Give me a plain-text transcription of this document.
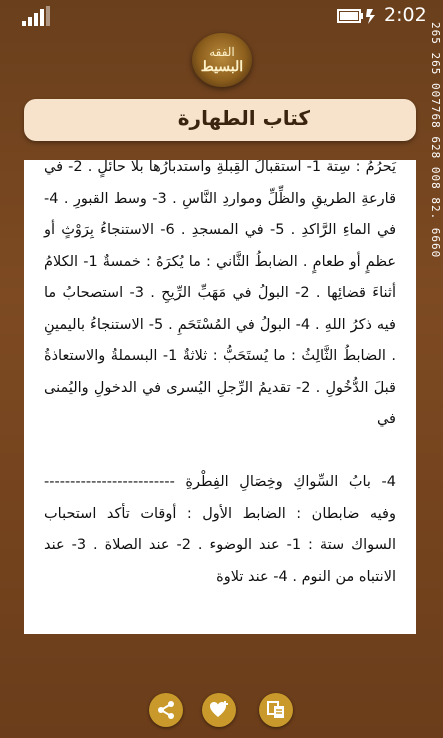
2:02
الفقه
البسيط
كتاب الطهارة	265 265 007768 628 008 82. 6660

يَحرُمُ : سِتة 1- استقبالُ القِبلةِ واستدبارُها بلا حائلٍ . 2- في قارعةِ الطريقِ والظِّلِّ ومواردِ النَّاسِ . 3- وسط القبورِ . 4- في الماءِ الرَّاكدِ . 5- في المسجدِ . 6- الاستنجاءُ بِرَوْثٍ أو عظمٍ أو طعامٍ . الضابطُ الثَّاني : ما يُكرَهُ : خمسةٌ 1- الكلامُ أثناءَ قضائِها . 2- البولُ في مَهَبِّ الرِّيحِ . 3- استصحابُ ما فيه ذكرُ اللهِ . 4- البولُ في المُسْتَحَمِ . 5- الاستنجاءُ باليمينِ . الضابطُ الثَّالِثُ : ما يُستَحَبُّ : ثلاثةٌ 1- البسملةُ والاستعاذةُ قبلَ الدُّخُولِ . 2- تقديمُ الرِّجلِ اليُسرى في الدخولِ واليُمنى في

4- بابُ السِّواكِ وخِصَالِ الفِطْرةِ ------------------------- وفيه ضابطان : الضابط الأول : أوقات تأكد استحباب السواك ستة : 1- عند الوضوء . 2- عند الصلاة . 3- عند الانتباه من النوم . 4- عند تلاوة
